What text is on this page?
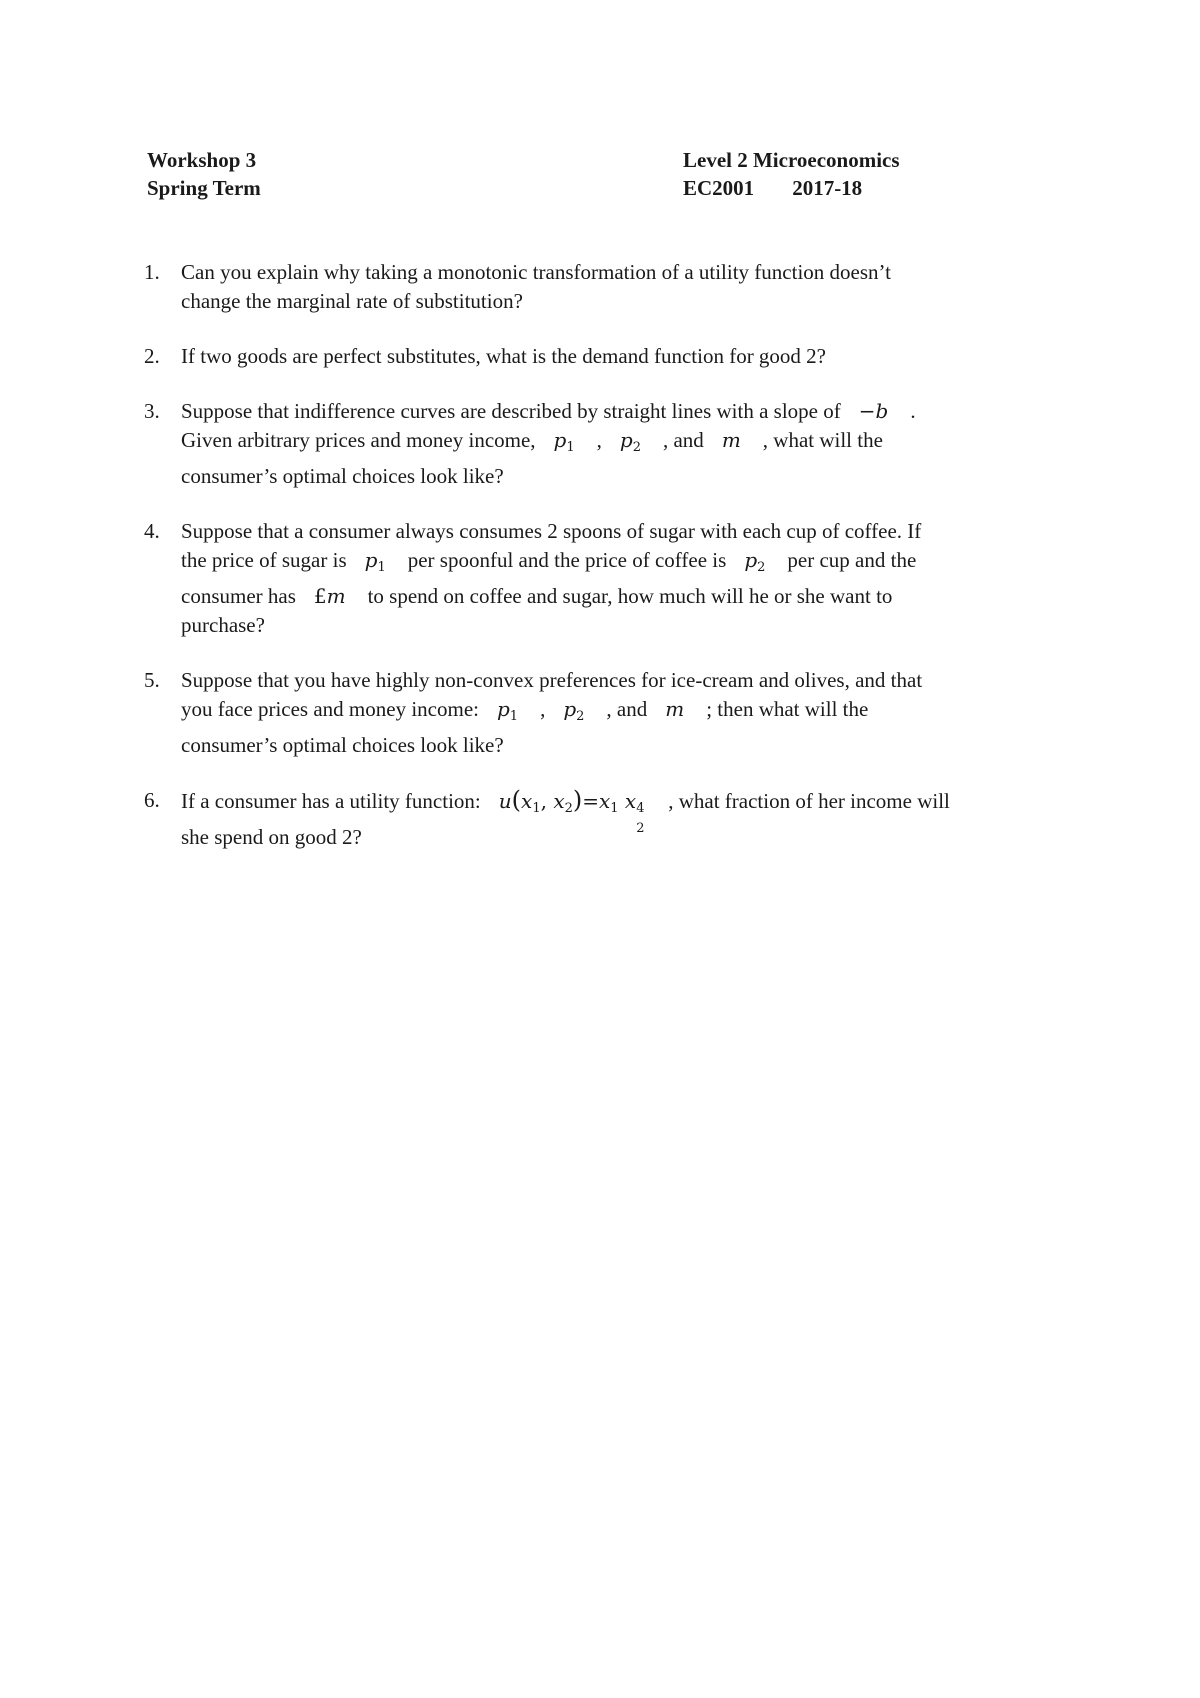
Workshop 3	Level 2 Microeconomics
Spring Term	EC2001 2017-18
1. Can you explain why taking a monotonic transformation of a utility function doesn’t
change the marginal rate of substitution?
2. If two goods are perfect substitutes, what is the demand function for good 2?
3. Suppose that indifference curves are described by straight lines with a slope of −b .
Given arbitrary prices and money income, $p_1$ , $p_2$ , and m , what will the
consumer’s optimal choices look like?
4. Suppose that a consumer always consumes 2 spoons of sugar with each cup of coffee. If
the price of sugar is $p_1$ per spoonful and the price of coffee is $p_2$ per cup and the
consumer has £m to spend on coffee and sugar, how much will he or she want to
purchase?
5. Suppose that you have highly non-convex preferences for ice-cream and olives, and that
you face prices and money income: $p_1$ , $p_2$ , and m ; then what will the
consumer’s optimal choices look like?
6. If a consumer has a utility function: $u(x_1$, $x_2)=x_1$ x 4
2
, what fraction of her income will
she spend on good 2?
